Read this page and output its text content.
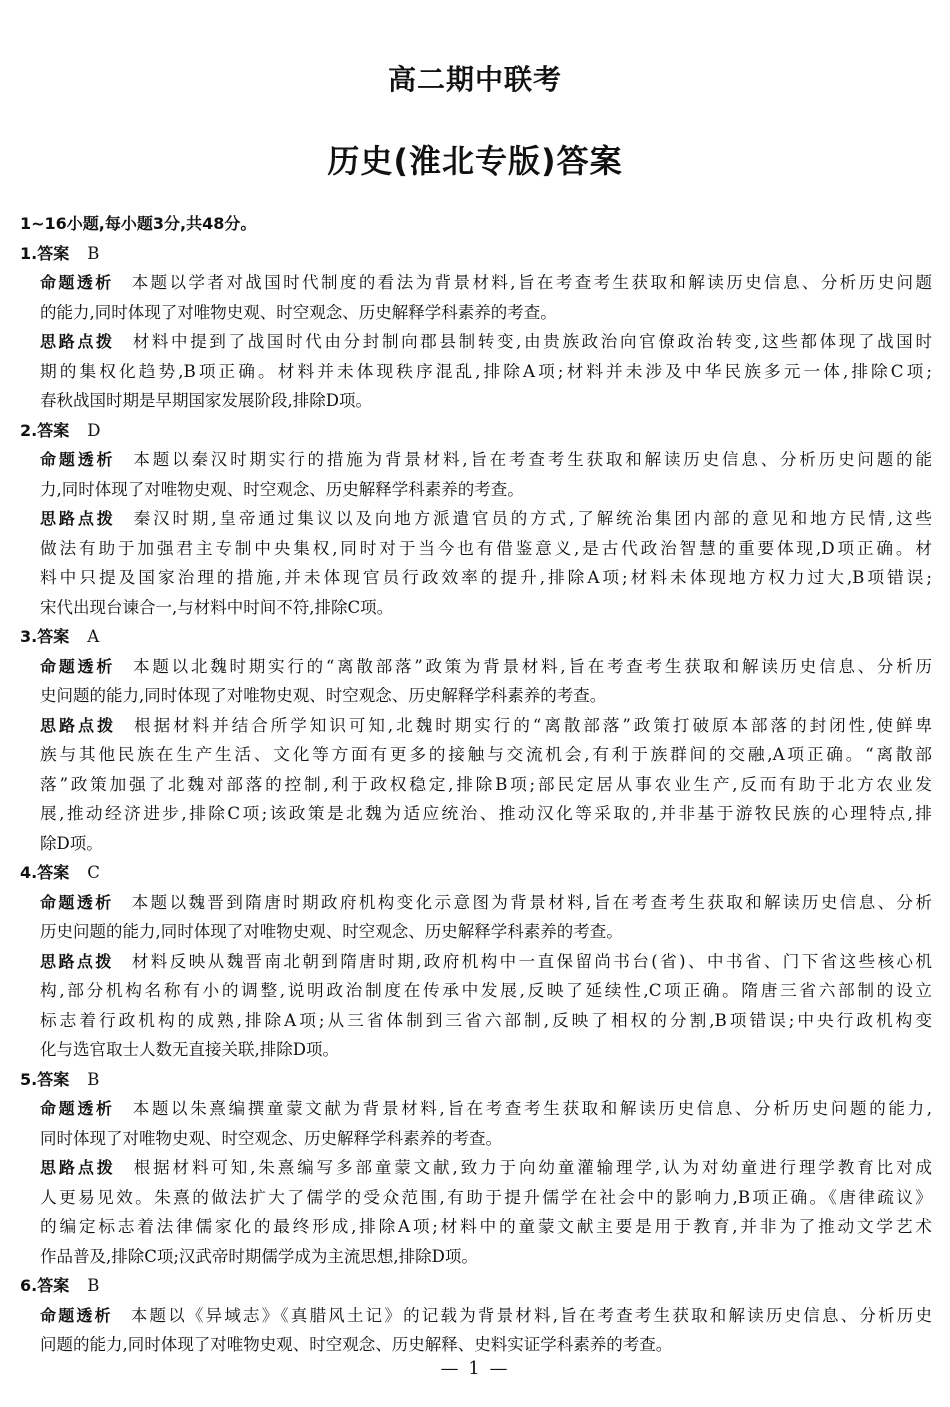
高二期中联考
历史(淮北专版)答案
1~16小题,每小题3分,共48分。
1.答案 B
命题透析 本题以学者对战国时代制度的看法为背景材料,旨在考查考生获取和解读历史信息、分析历史问题
的能力,同时体现了对唯物史观、时空观念、历史解释学科素养的考查。
思路点拨 材料中提到了战国时代由分封制向郡县制转变,由贵族政治向官僚政治转变,这些都体现了战国时
期的集权化趋势,B项正确。材料并未体现秩序混乱,排除A项;材料并未涉及中华民族多元一体,排除C项;
春秋战国时期是早期国家发展阶段,排除D项。
2.答案 D
命题透析 本题以秦汉时期实行的措施为背景材料,旨在考查考生获取和解读历史信息、分析历史问题的能
力,同时体现了对唯物史观、时空观念、历史解释学科素养的考查。
思路点拨 秦汉时期,皇帝通过集议以及向地方派遣官员的方式,了解统治集团内部的意见和地方民情,这些
做法有助于加强君主专制中央集权,同时对于当今也有借鉴意义,是古代政治智慧的重要体现,D项正确。材
料中只提及国家治理的措施,并未体现官员行政效率的提升,排除A项;材料未体现地方权力过大,B项错误;
宋代出现台谏合一,与材料中时间不符,排除C项。
3.答案 A
命题透析 本题以北魏时期实行的“离散部落”政策为背景材料,旨在考查考生获取和解读历史信息、分析历
史问题的能力,同时体现了对唯物史观、时空观念、历史解释学科素养的考查。
思路点拨 根据材料并结合所学知识可知,北魏时期实行的“离散部落”政策打破原本部落的封闭性,使鲜卑
族与其他民族在生产生活、文化等方面有更多的接触与交流机会,有利于族群间的交融,A项正确。“离散部
落”政策加强了北魏对部落的控制,利于政权稳定,排除B项;部民定居从事农业生产,反而有助于北方农业发
展,推动经济进步,排除C项;该政策是北魏为适应统治、推动汉化等采取的,并非基于游牧民族的心理特点,排
除D项。
4.答案 C
命题透析 本题以魏晋到隋唐时期政府机构变化示意图为背景材料,旨在考查考生获取和解读历史信息、分析
历史问题的能力,同时体现了对唯物史观、时空观念、历史解释学科素养的考查。
思路点拨 材料反映从魏晋南北朝到隋唐时期,政府机构中一直保留尚书台(省)、中书省、门下省这些核心机
构,部分机构名称有小的调整,说明政治制度在传承中发展,反映了延续性,C项正确。隋唐三省六部制的设立
标志着行政机构的成熟,排除A项;从三省体制到三省六部制,反映了相权的分割,B项错误;中央行政机构变
化与选官取士人数无直接关联,排除D项。
5.答案 B
命题透析 本题以朱熹编撰童蒙文献为背景材料,旨在考查考生获取和解读历史信息、分析历史问题的能力,
同时体现了对唯物史观、时空观念、历史解释学科素养的考查。
思路点拨 根据材料可知,朱熹编写多部童蒙文献,致力于向幼童灌输理学,认为对幼童进行理学教育比对成
人更易见效。朱熹的做法扩大了儒学的受众范围,有助于提升儒学在社会中的影响力,B项正确。《唐律疏议》
的编定标志着法律儒家化的最终形成,排除A项;材料中的童蒙文献主要是用于教育,并非为了推动文学艺术
作品普及,排除C项;汉武帝时期儒学成为主流思想,排除D项。
6.答案 B
命题透析 本题以《异域志》《真腊风土记》的记载为背景材料,旨在考查考生获取和解读历史信息、分析历史
问题的能力,同时体现了对唯物史观、时空观念、历史解释、史料实证学科素养的考查。
— 1 —
